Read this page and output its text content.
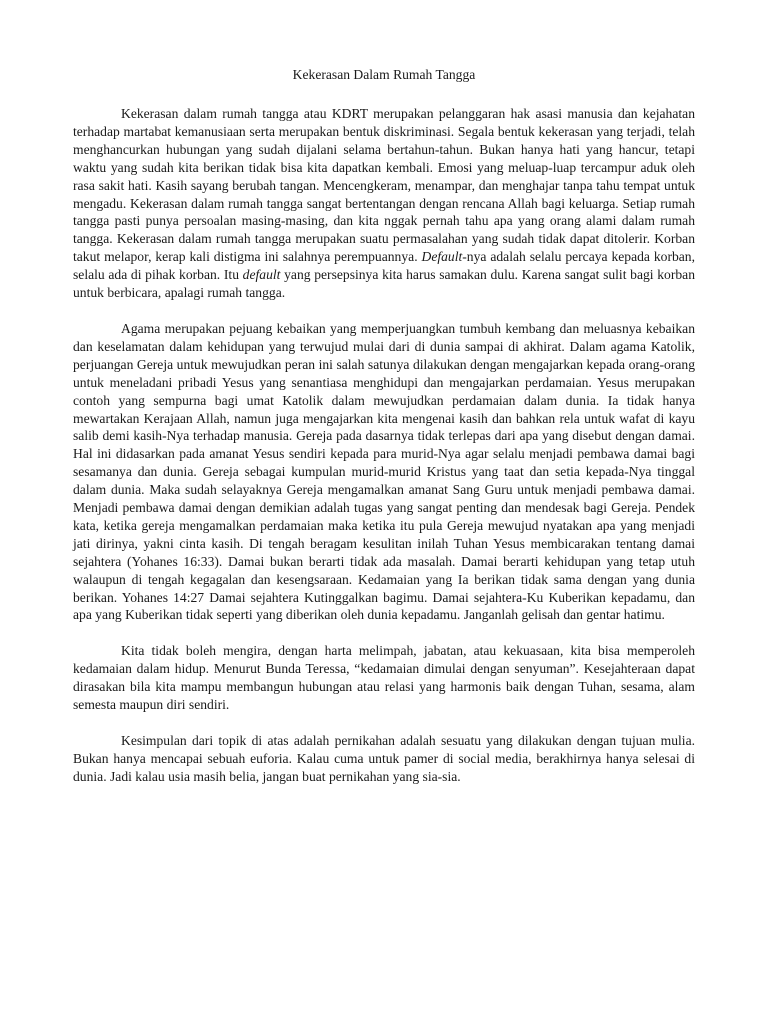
Kekerasan Dalam Rumah Tangga

Kekerasan dalam rumah tangga atau KDRT merupakan pelanggaran hak asasi manusia dan kejahatan terhadap martabat kemanusiaan serta merupakan bentuk diskriminasi. Segala bentuk kekerasan yang terjadi, telah menghancurkan hubungan yang sudah dijalani selama bertahun-tahun. Bukan hanya hati yang hancur, tetapi waktu yang sudah kita berikan tidak bisa kita dapatkan kembali. Emosi yang meluap-luap tercampur aduk oleh rasa sakit hati. Kasih sayang berubah tangan. Mencengkeram, menampar, dan menghajar tanpa tahu tempat untuk mengadu. Kekerasan dalam rumah tangga sangat bertentangan dengan rencana Allah bagi keluarga. Setiap rumah tangga pasti punya persoalan masing-masing, dan kita nggak pernah tahu apa yang orang alami dalam rumah tangga. Kekerasan dalam rumah tangga merupakan suatu permasalahan yang sudah tidak dapat ditolerir. Korban takut melapor, kerap kali distigma ini salahnya perempuannya. Default-nya adalah selalu percaya kepada korban, selalu ada di pihak korban. Itu default yang persepsinya kita harus samakan dulu. Karena sangat sulit bagi korban untuk berbicara, apalagi rumah tangga.

Agama merupakan pejuang kebaikan yang memperjuangkan tumbuh kembang dan meluasnya kebaikan dan keselamatan dalam kehidupan yang terwujud mulai dari di dunia sampai di akhirat. Dalam agama Katolik, perjuangan Gereja untuk mewujudkan peran ini salah satunya dilakukan dengan mengajarkan kepada orang-orang untuk meneladani pribadi Yesus yang senantiasa menghidupi dan mengajarkan perdamaian. Yesus merupakan contoh yang sempurna bagi umat Katolik dalam mewujudkan perdamaian dalam dunia. Ia tidak hanya mewartakan Kerajaan Allah, namun juga mengajarkan kita mengenai kasih dan bahkan rela untuk wafat di kayu salib demi kasih-Nya terhadap manusia. Gereja pada dasarnya tidak terlepas dari apa yang disebut dengan damai. Hal ini didasarkan pada amanat Yesus sendiri kepada para murid-Nya agar selalu menjadi pembawa damai bagi sesamanya dan dunia. Gereja sebagai kumpulan murid-murid Kristus yang taat dan setia kepada-Nya tinggal dalam dunia. Maka sudah selayaknya Gereja mengamalkan amanat Sang Guru untuk menjadi pembawa damai. Menjadi pembawa damai dengan demikian adalah tugas yang sangat penting dan mendesak bagi Gereja. Pendek kata, ketika gereja mengamalkan perdamaian maka ketika itu pula Gereja mewujud nyatakan apa yang menjadi jati dirinya, yakni cinta kasih. Di tengah beragam kesulitan inilah Tuhan Yesus membicarakan tentang damai sejahtera (Yohanes 16:33). Damai bukan berarti tidak ada masalah. Damai berarti kehidupan yang tetap utuh walaupun di tengah kegagalan dan kesengsaraan. Kedamaian yang Ia berikan tidak sama dengan yang dunia berikan. Yohanes 14:27 Damai sejahtera Kutinggalkan bagimu. Damai sejahtera-Ku Kuberikan kepadamu, dan apa yang Kuberikan tidak seperti yang diberikan oleh dunia kepadamu. Janganlah gelisah dan gentar hatimu.

Kita tidak boleh mengira, dengan harta melimpah, jabatan, atau kekuasaan, kita bisa memperoleh kedamaian dalam hidup. Menurut Bunda Teressa, “kedamaian dimulai dengan senyuman”. Kesejahteraan dapat dirasakan bila kita mampu membangun hubungan atau relasi yang harmonis baik dengan Tuhan, sesama, alam semesta maupun diri sendiri.

Kesimpulan dari topik di atas adalah pernikahan adalah sesuatu yang dilakukan dengan tujuan mulia. Bukan hanya mencapai sebuah euforia. Kalau cuma untuk pamer di social media, berakhirnya hanya selesai di dunia. Jadi kalau usia masih belia, jangan buat pernikahan yang sia-sia.
